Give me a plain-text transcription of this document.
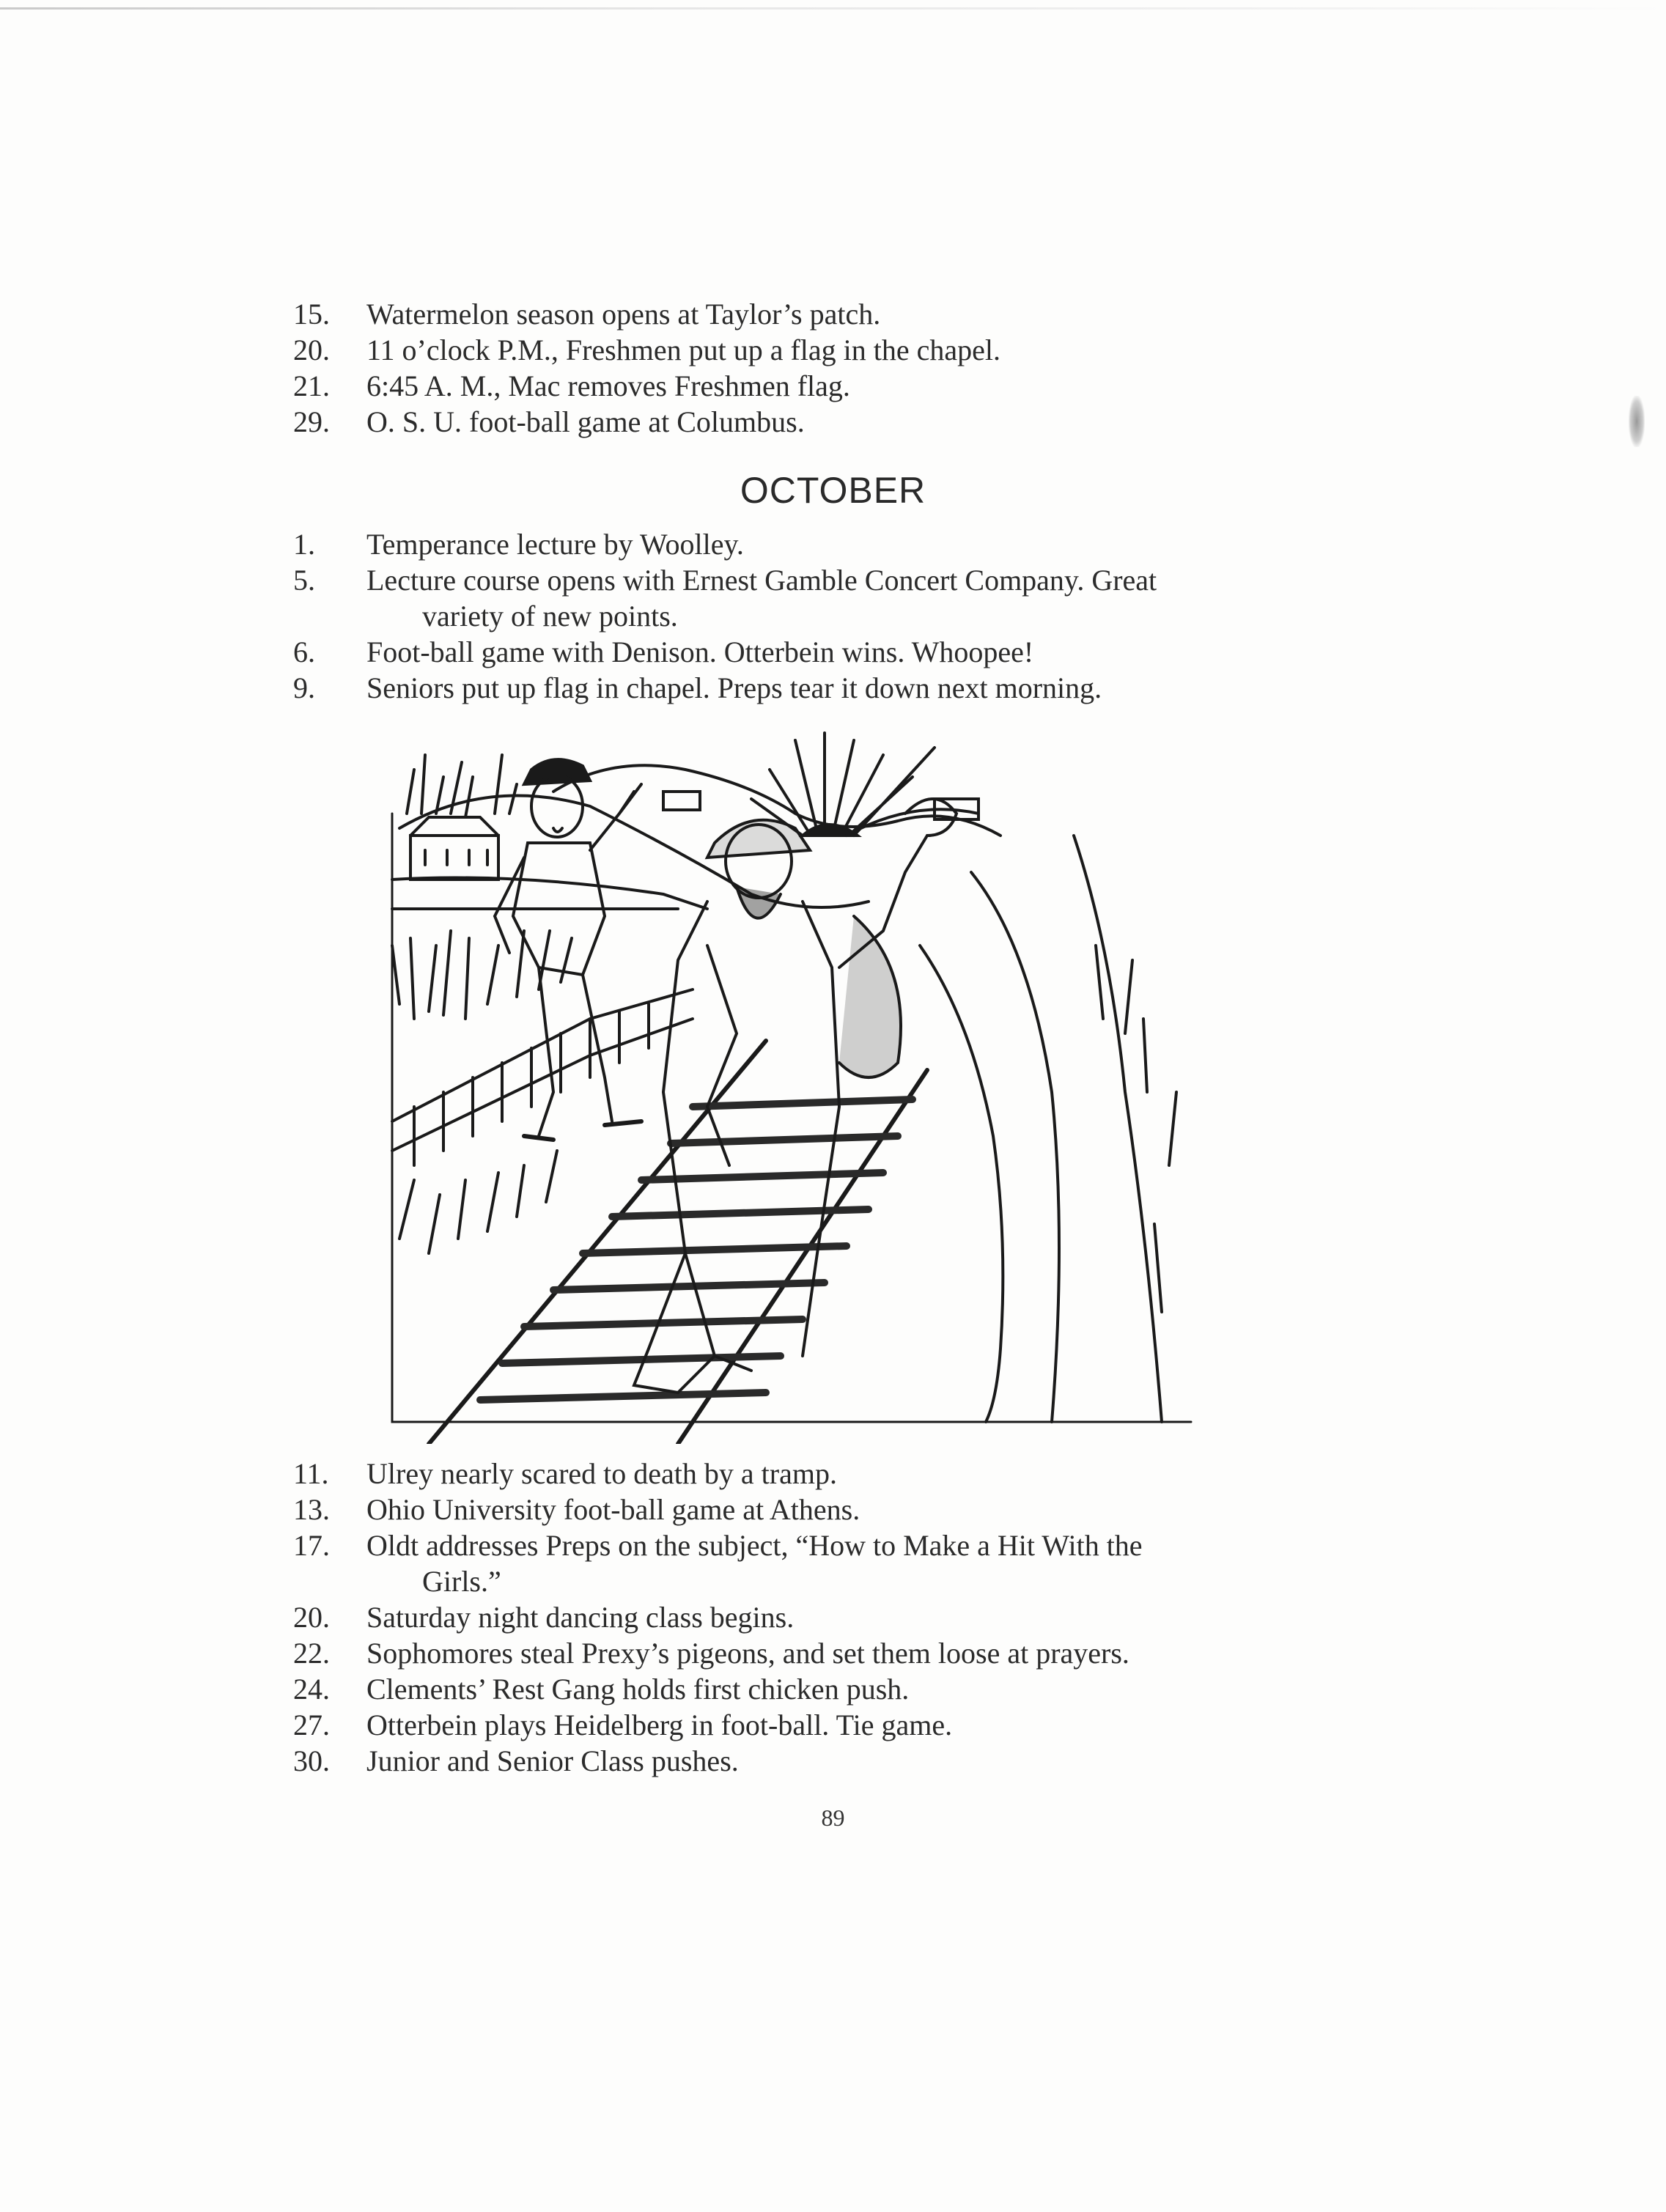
15.	Watermelon season opens at Taylor’s patch.
20.	11 o’clock P.M., Freshmen put up a flag in the chapel.
21.	6:45 A. M., Mac removes Freshmen flag.
29.	O. S. U. foot-ball game at Columbus.
OCTOBER
1.	Temperance lecture by Woolley.
5.	Lecture course opens with Ernest Gamble Concert Company. Great
variety of new points.
6.	Foot-ball game with Denison. Otterbein wins. Whoopee!
9.	Seniors put up flag in chapel. Preps tear it down next morning.
11.	Ulrey nearly scared to death by a tramp.
13.	Ohio University foot-ball game at Athens.
17.	Oldt addresses Preps on the subject, “How to Make a Hit With the
Girls.”
20.	Saturday night dancing class begins.
22.	Sophomores steal Prexy’s pigeons, and set them loose at prayers.
24.	Clements’ Rest Gang holds first chicken push.
27.	Otterbein plays Heidelberg in foot-ball. Tie game.
30.	Junior and Senior Class pushes.
89
